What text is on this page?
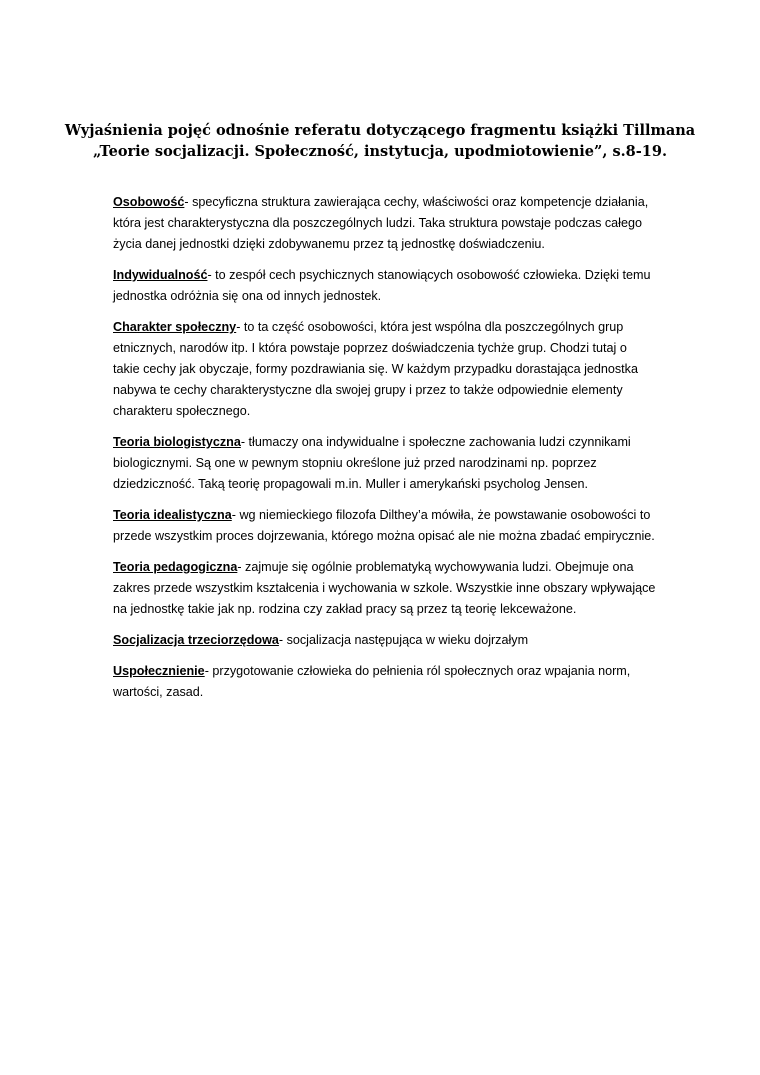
Wyjaśnienia pojęć odnośnie referatu dotyczącego fragmentu książki Tillmana
„Teorie socjalizacji. Społeczność, instytucja, upodmiotowienie”, s.8-19.

Osobowość- specyficzna struktura zawierająca cechy, właściwości oraz kompetencje działania,
która jest charakterystyczna dla poszczególnych ludzi. Taka struktura powstaje podczas całego
życia danej jednostki dzięki zdobywanemu przez tą jednostkę doświadczeniu.

Indywidualność- to zespół cech psychicznych stanowiących osobowość człowieka. Dzięki temu
jednostka odróżnia się ona od innych jednostek.

Charakter społeczny- to ta część osobowości, która jest wspólna dla poszczególnych grup
etnicznych, narodów itp. I która powstaje poprzez doświadczenia tychże grup. Chodzi tutaj o
takie cechy jak obyczaje, formy pozdrawiania się. W każdym przypadku dorastająca jednostka
nabywa te cechy charakterystyczne dla swojej grupy i przez to także odpowiednie elementy
charakteru społecznego.

Teoria biologistyczna- tłumaczy ona indywidualne i społeczne zachowania ludzi czynnikami
biologicznymi. Są one w pewnym stopniu określone już przed narodzinami np. poprzez
dziedziczność. Taką teorię propagowali m.in. Muller i amerykański psycholog Jensen.

Teoria idealistyczna- wg niemieckiego filozofa Dilthey’a mówiła, że powstawanie osobowości to
przede wszystkim proces dojrzewania, którego można opisać ale nie można zbadać empirycznie.

Teoria pedagogiczna- zajmuje się ogólnie problematyką wychowywania ludzi. Obejmuje ona
zakres przede wszystkim kształcenia i wychowania w szkole. Wszystkie inne obszary wpływające
na jednostkę takie jak np. rodzina czy zakład pracy są przez tą teorię lekceważone.

Socjalizacja trzeciorzędowa- socjalizacja następująca w wieku dojrzałym

Uspołecznienie- przygotowanie człowieka do pełnienia ról społecznych oraz wpajania norm,
wartości, zasad.
